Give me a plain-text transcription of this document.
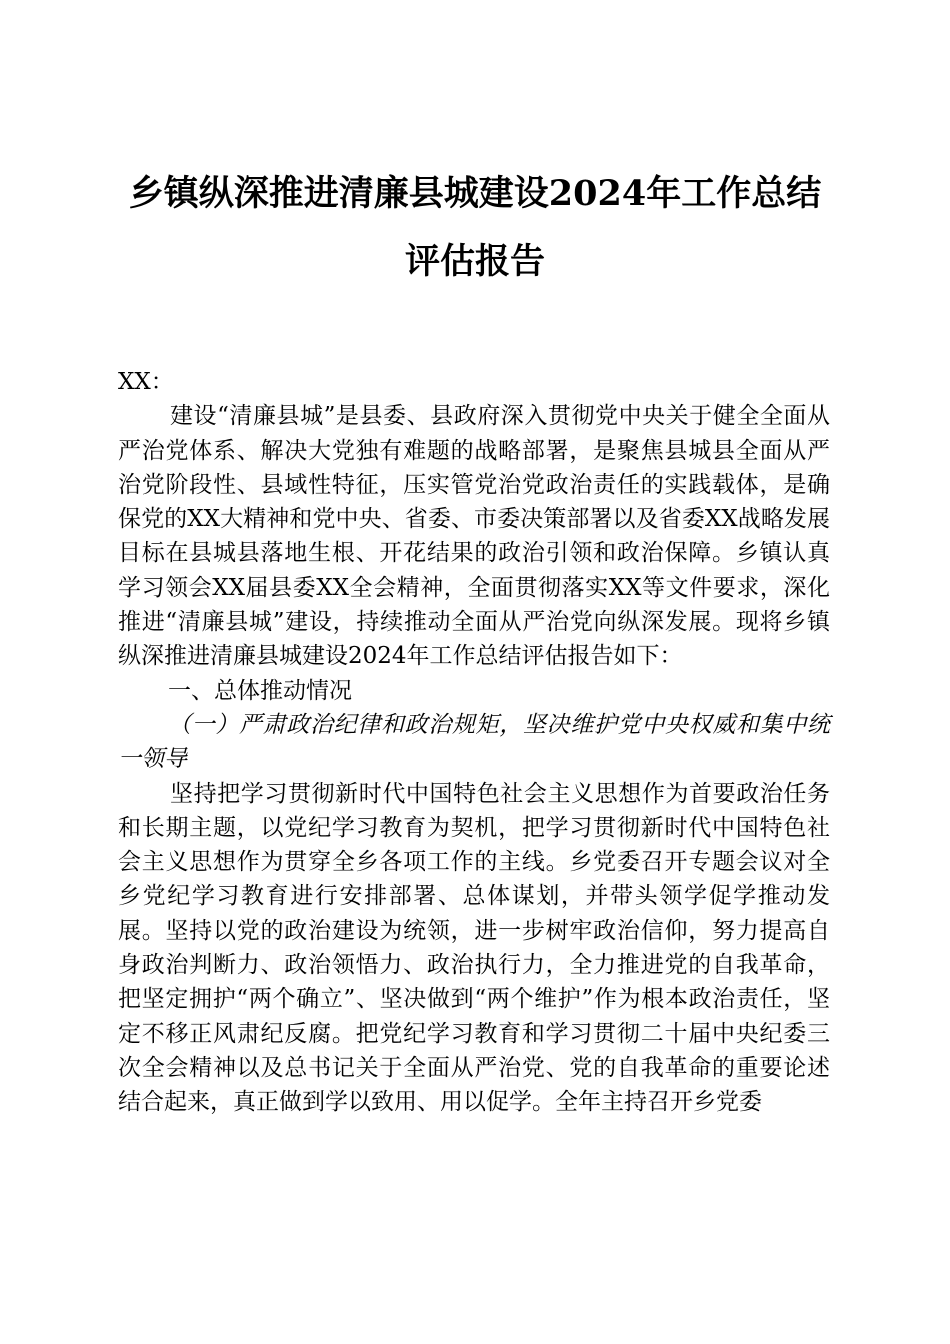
乡镇纵深推进清廉县城建设2024年工作总结
评估报告

XX：

建设“清廉县城”是县委、县政府深入贯彻党中央关于健全全面从严治党体系、解决大党独有难题的战略部署，是聚焦县城县全面从严治党阶段性、县域性特征，压实管党治党政治责任的实践载体，是确保党的XX大精神和党中央、省委、市委决策部署以及省委XX战略发展目标在县城县落地生根、开花结果的政治引领和政治保障。乡镇认真学习领会XX届县委XX全会精神，全面贯彻落实XX等文件要求，深化推进“清廉县城”建设，持续推动全面从严治党向纵深发展。现将乡镇纵深推进清廉县城建设2024年工作总结评估报告如下：

一、总体推动情况

（一）严肃政治纪律和政治规矩，坚决维护党中央权威和集中统一领导

坚持把学习贯彻新时代中国特色社会主义思想作为首要政治任务和长期主题，以党纪学习教育为契机，把学习贯彻新时代中国特色社会主义思想作为贯穿全乡各项工作的主线。乡党委召开专题会议对全乡党纪学习教育进行安排部署、总体谋划，并带头领学促学推动发展。坚持以党的政治建设为统领，进一步树牢政治信仰，努力提高自身政治判断力、政治领悟力、政治执行力，全力推进党的自我革命，把坚定拥护“两个确立”、坚决做到“两个维护”作为根本政治责任，坚定不移正风肃纪反腐。把党纪学习教育和学习贯彻二十届中央纪委三次全会精神以及总书记关于全面从严治党、党的自我革命的重要论述结合起来，真正做到学以致用、用以促学。全年主持召开乡党委
